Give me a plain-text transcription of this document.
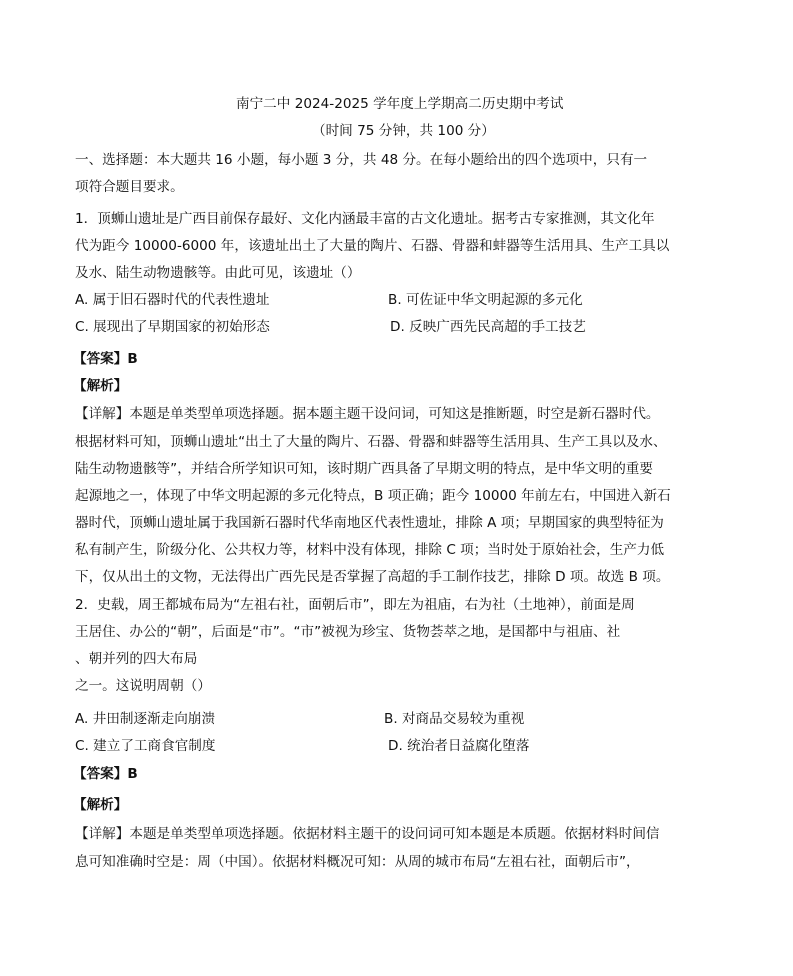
南宁二中 2024-2025 学年度上学期高二历史期中考试
（时间 75 分钟，共 100 分）
一、选择题：本大题共 16 小题，每小题 3 分，共 48 分。在每小题给出的四个选项中，只有一
项符合题目要求。
1．顶蛳山遗址是广西目前保存最好、文化内涵最丰富的古文化遗址。据考古专家推测，其文化年
代为距今 10000-6000 年，该遗址出土了大量的陶片、石器、骨器和蚌器等生活用具、生产工具以
及水、陆生动物遗骸等。由此可见，该遗址（）
A. 属于旧石器时代的代表性遗址	B. 可佐证中华文明起源的多元化
C. 展现出了早期国家的初始形态	D. 反映广西先民高超的手工技艺
【答案】B
【解析】
【详解】本题是单类型单项选择题。据本题主题干设问词，可知这是推断题，时空是新石器时代。
根据材料可知，顶蛳山遗址“出土了大量的陶片、石器、骨器和蚌器等生活用具、生产工具以及水、
陆生动物遗骸等”，并结合所学知识可知，该时期广西具备了早期文明的特点，是中华文明的重要
起源地之一，体现了中华文明起源的多元化特点，B 项正确；距今 10000 年前左右，中国进入新石
器时代，顶蛳山遗址属于我国新石器时代华南地区代表性遗址，排除 A 项；早期国家的典型特征为
私有制产生，阶级分化、公共权力等，材料中没有体现，排除 C 项；当时处于原始社会，生产力低
下，仅从出土的文物，无法得出广西先民是否掌握了高超的手工制作技艺，排除 D 项。故选 B 项。
2．史载，周王都城布局为“左祖右社，面朝后市”，即左为祖庙，右为社（土地神），前面是周
王居住、办公的“朝”，后面是“市”。“市”被视为珍宝、货物荟萃之地，是国都中与祖庙、社
、朝并列的四大布局
之一。这说明周朝（）
A. 井田制逐渐走向崩溃	B. 对商品交易较为重视
C. 建立了工商食官制度	D. 统治者日益腐化堕落
【答案】B
【解析】
【详解】本题是单类型单项选择题。依据材料主题干的设问词可知本题是本质题。依据材料时间信
息可知准确时空是：周（中国）。依据材料概况可知：从周的城市布局“左祖右社，面朝后市”，
